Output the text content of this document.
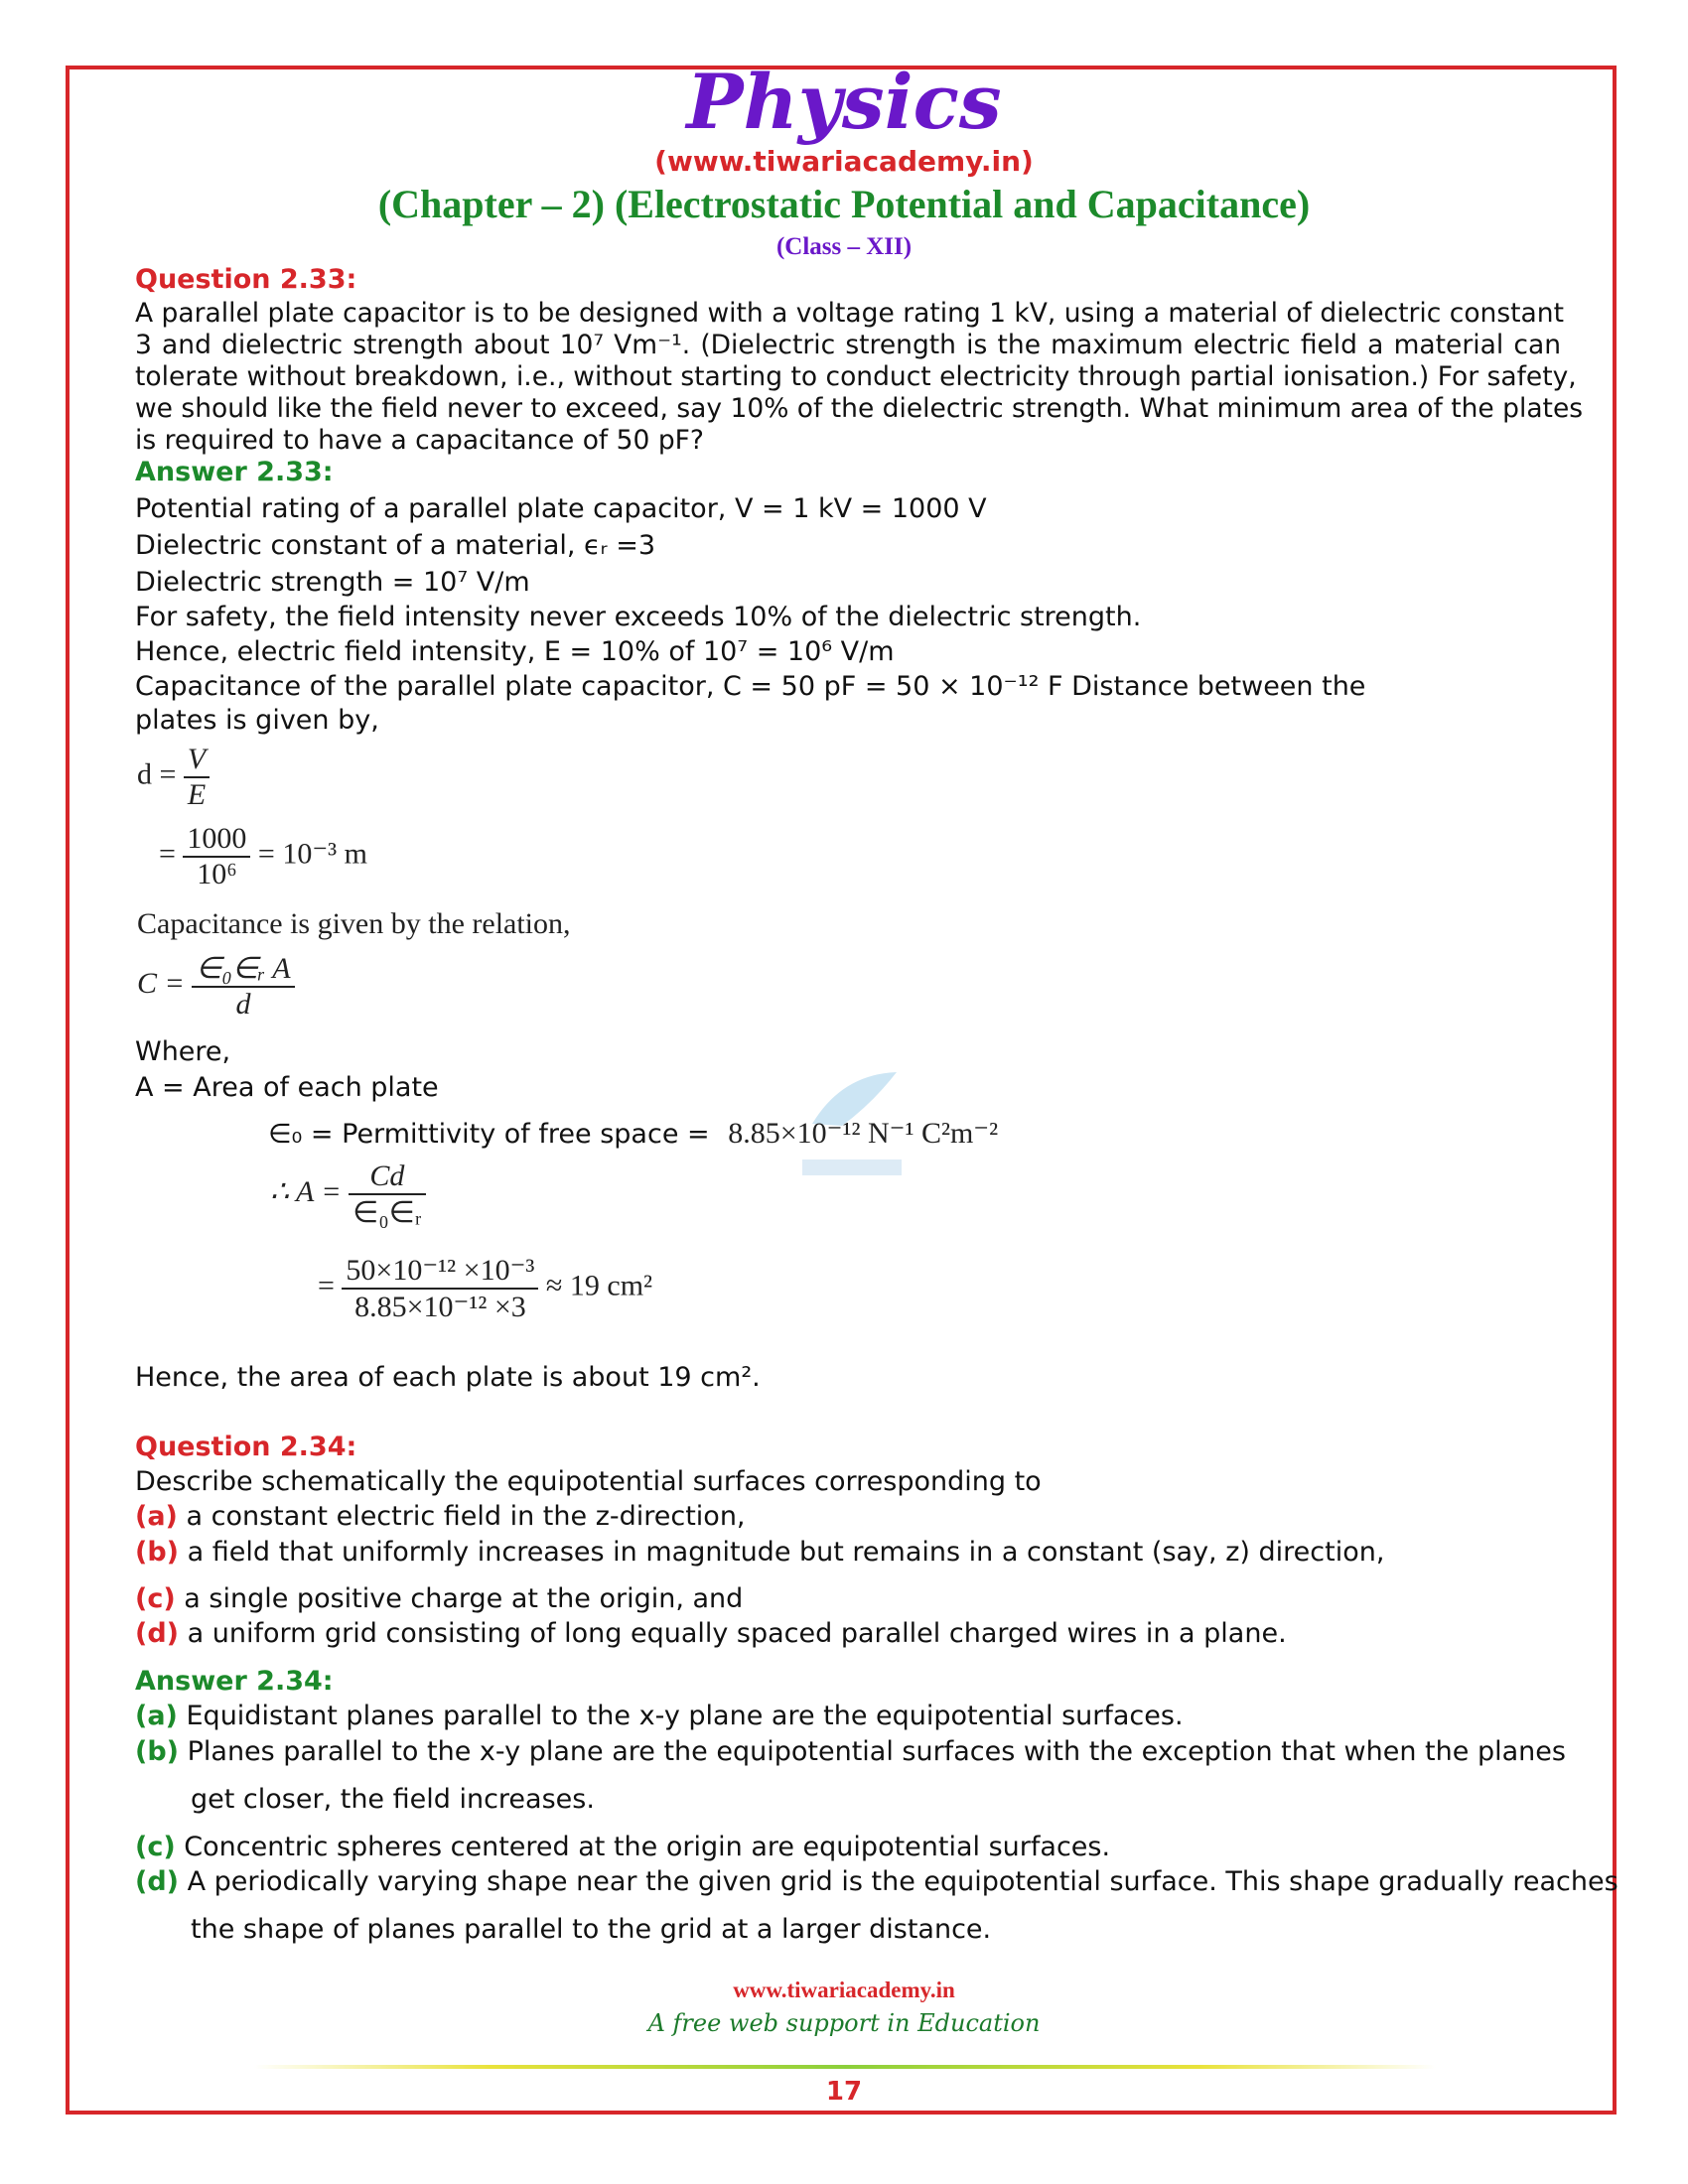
Physics
(www.tiwariacademy.in)
(Chapter – 2) (Electrostatic Potential and Capacitance)
(Class – XII)
Question 2.33:
A parallel plate capacitor is to be designed with a voltage rating 1 kV, using a material of dielectric constant
3 and dielectric strength about 10⁷ Vm⁻¹. (Dielectric strength is the maximum electric field a material can
tolerate without breakdown, i.e., without starting to conduct electricity through partial ionisation.) For safety,
we should like the field never to exceed, say 10% of the dielectric strength. What minimum area of the plates
is required to have a capacitance of 50 pF?
Answer 2.33:
Potential rating of a parallel plate capacitor, V = 1 kV = 1000 V
Dielectric constant of a material, ϵᵣ =3
Dielectric strength = 10⁷ V/m
For safety, the field intensity never exceeds 10% of the dielectric strength.
Hence, electric field intensity, E = 10% of 10⁷ = 10⁶ V/m
Capacitance of the parallel plate capacitor, C = 50 pF = 50 × 10⁻¹² F Distance between the
plates is given by,
$d = \frac{V}{E}$
= $\frac{1000}{\text{10⁶}} = 10^{-3}$ m
Capacitance is given by the relation,
$C = \frac{\text{∈₀∈ᵣ A}}{d}$
Where,
A = Area of each plate
∈₀ = Permittivity of free space = 8.85×10⁻¹² N⁻¹ C²m⁻²
∴ $A = \frac{Cd}{\text{∈₀∈ᵣ}}$
= $\frac{\text{50×10⁻¹² ×10⁻³}}{\text{8.85×10⁻¹² ×3}} \approx 19$ cm²
Hence, the area of each plate is about 19 cm².
Question 2.34:
Describe schematically the equipotential surfaces corresponding to
(a) a constant electric field in the z-direction,
(b) a field that uniformly increases in magnitude but remains in a constant (say, z) direction,
(c) a single positive charge at the origin, and
(d) a uniform grid consisting of long equally spaced parallel charged wires in a plane.
Answer 2.34:
(a) Equidistant planes parallel to the x-y plane are the equipotential surfaces.
(b) Planes parallel to the x-y plane are the equipotential surfaces with the exception that when the planes
get closer, the field increases.
(c) Concentric spheres centered at the origin are equipotential surfaces.
(d) A periodically varying shape near the given grid is the equipotential surface. This shape gradually reaches
the shape of planes parallel to the grid at a larger distance.
www.tiwariacademy.in
A free web support in Education
17
